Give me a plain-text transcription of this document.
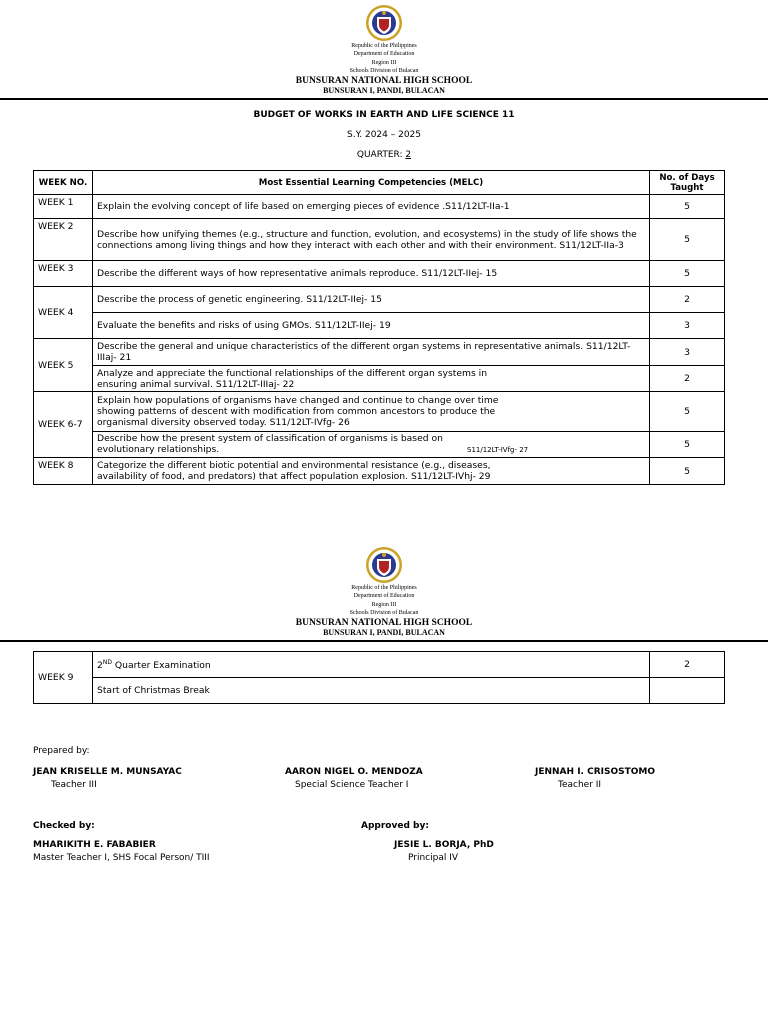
Republic of the Philippines
Department of Education
Region III
Schools Division of Bulacan
BUNSURAN NATIONAL HIGH SCHOOL
BUNSURAN I, PANDI, BULACAN
BUDGET OF WORKS IN EARTH AND LIFE SCIENCE 11
S.Y. 2024 – 2025
QUARTER: 2
WEEK NO.	Most Essential Learning Competencies (MELC)	No. of Days Taught
WEEK 1	Explain the evolving concept of life based on emerging pieces of evidence .S11/12LT-IIa-1	5
WEEK 2	Describe how unifying themes (e.g., structure and function, evolution, and ecosystems) in the study of life shows the connections among living things and how they interact with each other and with their environment. S11/12LT-IIa-3	5
WEEK 3	Describe the different ways of how representative animals reproduce. S11/12LT-IIej- 15	5
WEEK 4	Describe the process of genetic engineering. S11/12LT-IIej- 15	2
	Evaluate the benefits and risks of using GMOs. S11/12LT-IIej- 19	3
WEEK 5	Describe the general and unique characteristics of the different organ systems in representative animals. S11/12LT-IIIaj- 21	3
	Analyze and appreciate the functional relationships of the different organ systems in ensuring animal survival. S11/12LT-IIIaj- 22	2
WEEK 6-7	Explain how populations of organisms have changed and continue to change over time showing patterns of descent with modification from common ancestors to produce the organismal diversity observed today. S11/12LT-IVfg- 26	5
	Describe how the present system of classification of organisms is based on evolutionary relationships. S11/12LT-IVfg- 27	5
WEEK 8	Categorize the different biotic potential and environmental resistance (e.g., diseases, availability of food, and predators) that affect population explosion. S11/12LT-IVhj- 29	5
Republic of the Philippines
Department of Education
Region III
Schools Division of Bulacan
BUNSURAN NATIONAL HIGH SCHOOL
BUNSURAN I, PANDI, BULACAN
WEEK 9	2ND Quarter Examination	2
	Start of Christmas Break	
Prepared by:
JEAN KRISELLE M. MUNSAYAC
Teacher III
AARON NIGEL O. MENDOZA
Special Science Teacher I
JENNAH I. CRISOSTOMO
Teacher II
Checked by:	Approved by:
MHARIKITH E. FABABIER
Master Teacher I, SHS Focal Person/ TIII
JESIE L. BORJA, PhD
Principal IV
